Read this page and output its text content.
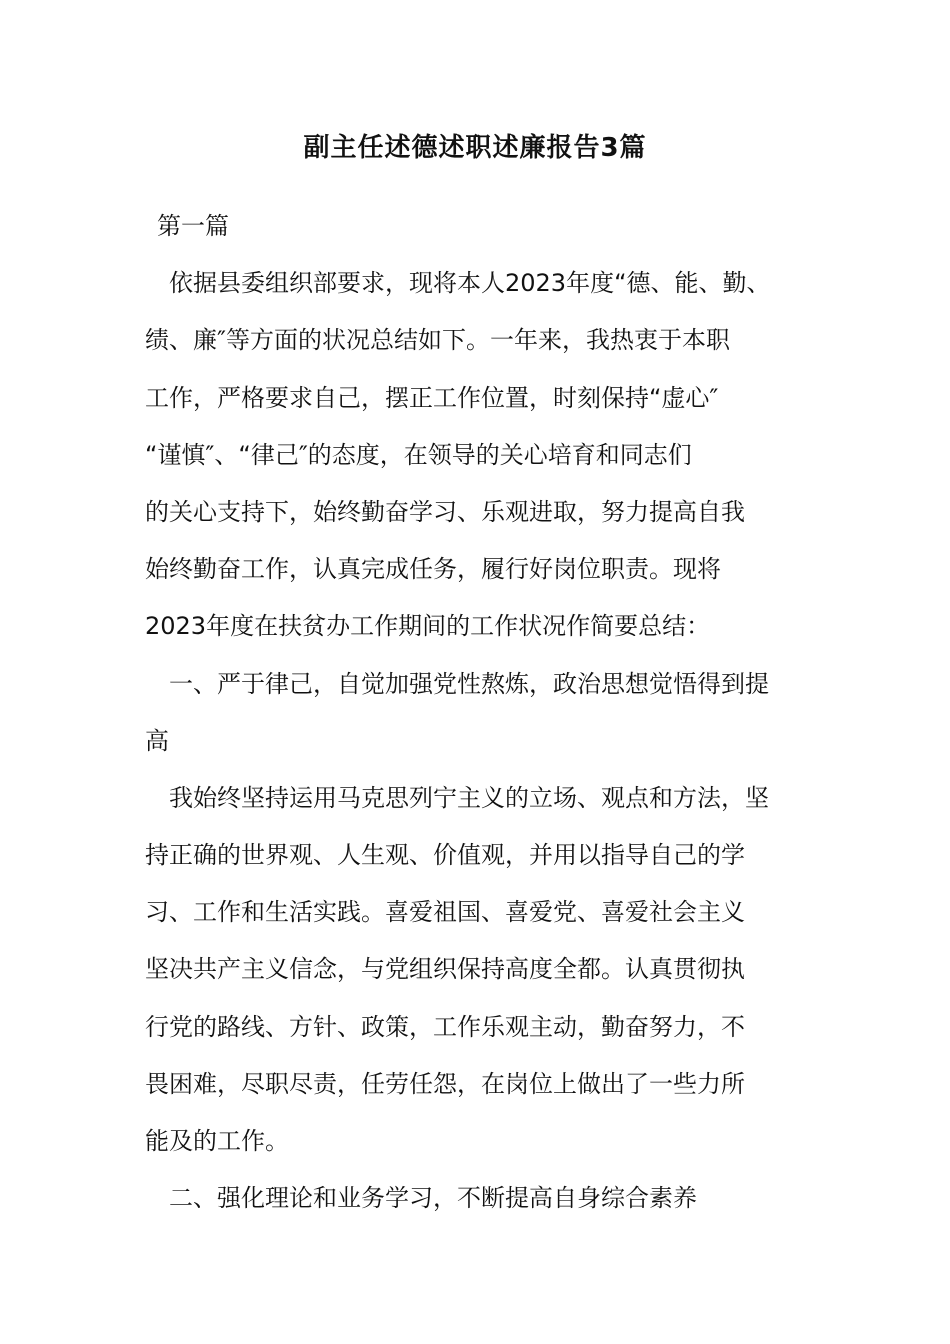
副主任述德述职述廉报告3篇
第一篇
依据县委组织部要求，现将本人2023年度“德、能、勤、
绩、廉″等方面的状况总结如下。一年来，我热衷于本职
工作，严格要求自己，摆正工作位置，时刻保持“虚心″
“谨慎″、“律己″的态度，在领导的关心培育和同志们
的关心支持下，始终勤奋学习、乐观进取，努力提高自我
始终勤奋工作，认真完成任务，履行好岗位职责。现将
2023年度在扶贫办工作期间的工作状况作简要总结：
一、严于律己，自觉加强党性熬炼，政治思想觉悟得到提
高
我始终坚持运用马克思列宁主义的立场、观点和方法，坚
持正确的世界观、人生观、价值观，并用以指导自己的学
习、工作和生活实践。喜爱祖国、喜爱党、喜爱社会主义
坚决共产主义信念，与党组织保持高度全都。认真贯彻执
行党的路线、方针、政策，工作乐观主动，勤奋努力，不
畏困难，尽职尽责，任劳任怨，在岗位上做出了一些力所
能及的工作。
二、强化理论和业务学习，不断提高自身综合素养
